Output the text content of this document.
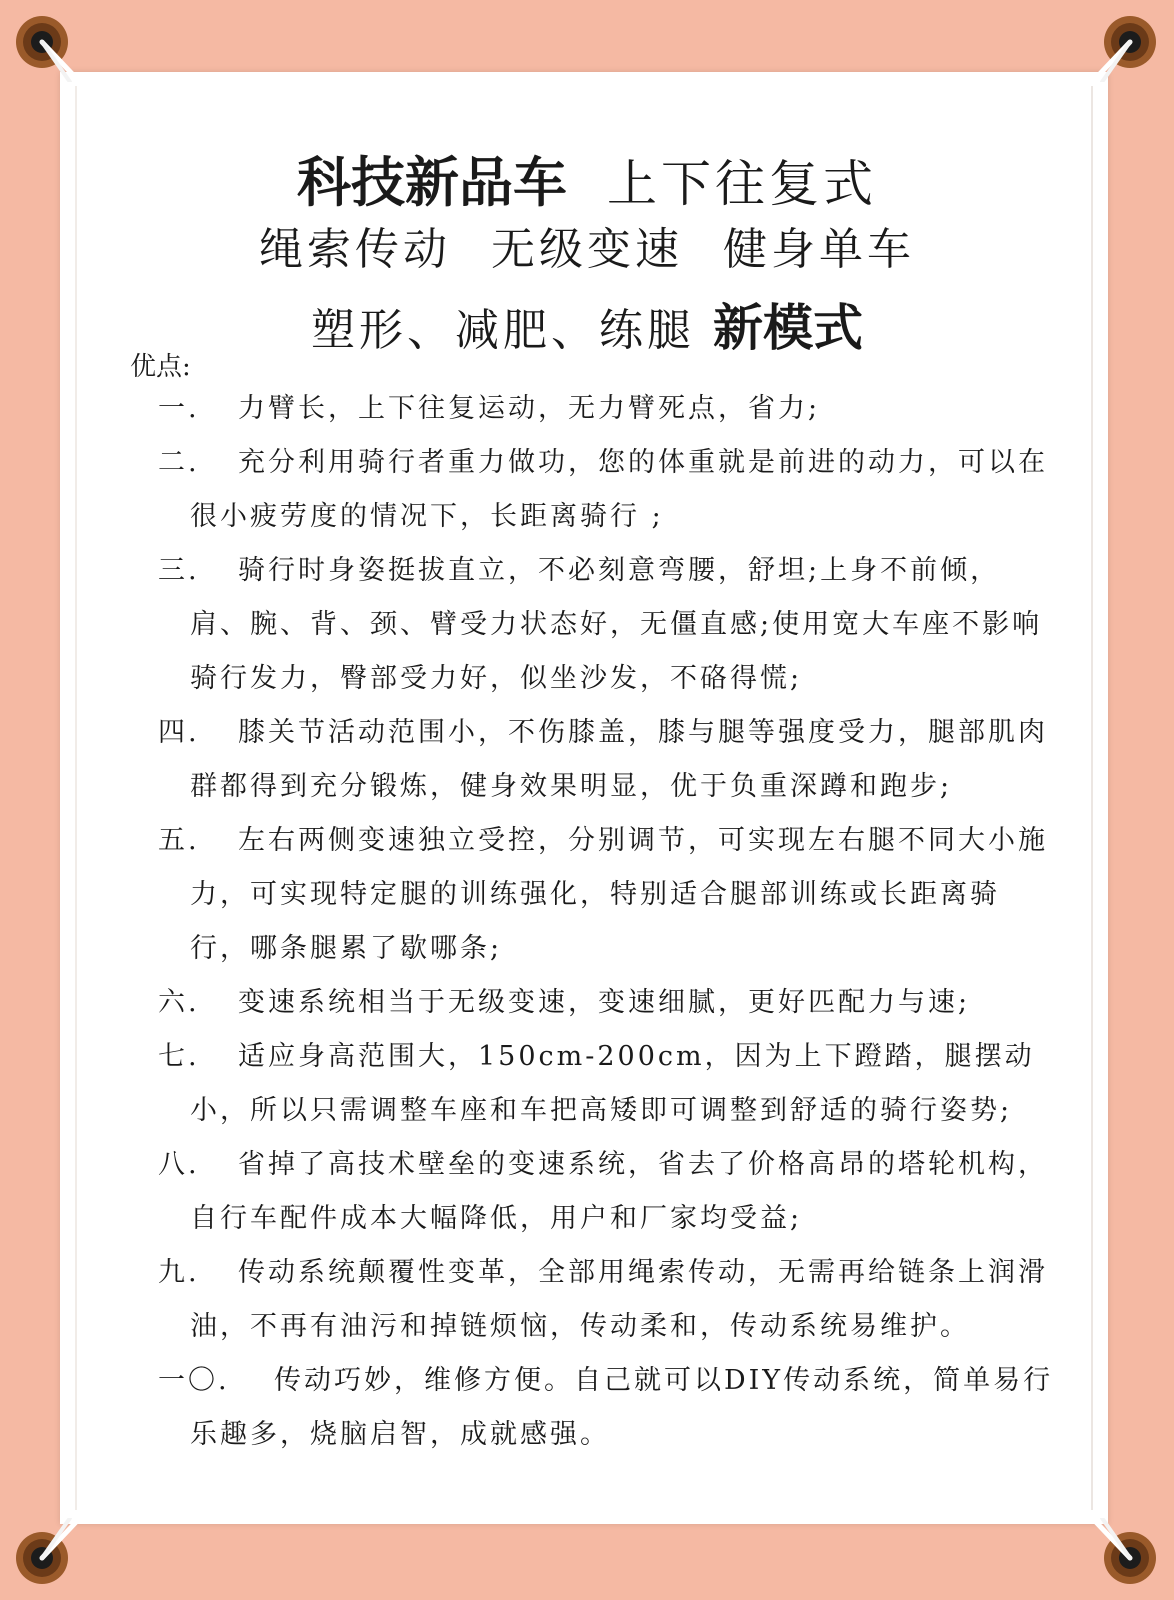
科技新品车 上下往复式
绳索传动 无级变速 健身单车
塑形、减肥、练腿 新模式
优点:
一.	力臂长，上下往复运动，无力臂死点，省力;
二.	充分利用骑行者重力做功，您的体重就是前进的动力，可以在很小疲劳度的情况下，长距离骑行 ;
三.	骑行时身姿挺拔直立，不必刻意弯腰，舒坦;上身不前倾，肩、腕、背、颈、臂受力状态好，无僵直感;使用宽大车座不影响骑行发力，臀部受力好，似坐沙发，不硌得慌;
四.	膝关节活动范围小，不伤膝盖，膝与腿等强度受力，腿部肌肉群都得到充分锻炼，健身效果明显，优于负重深蹲和跑步;
五.	左右两侧变速独立受控，分别调节，可实现左右腿不同大小施力，可实现特定腿的训练强化，特别适合腿部训练或长距离骑行，哪条腿累了歇哪条;
六.	变速系统相当于无级变速，变速细腻，更好匹配力与速;
七.	适应身高范围大，150cm-200cm，因为上下蹬踏，腿摆动小，所以只需调整车座和车把高矮即可调整到舒适的骑行姿势;
八.	省掉了高技术壁垒的变速系统，省去了价格高昂的塔轮机构，自行车配件成本大幅降低，用户和厂家均受益;
九.	传动系统颠覆性变革，全部用绳索传动，无需再给链条上润滑油，不再有油污和掉链烦恼，传动柔和，传动系统易维护。
一〇.	传动巧妙，维修方便。自己就可以DIY传动系统，简单易行乐趣多，烧脑启智，成就感强。
